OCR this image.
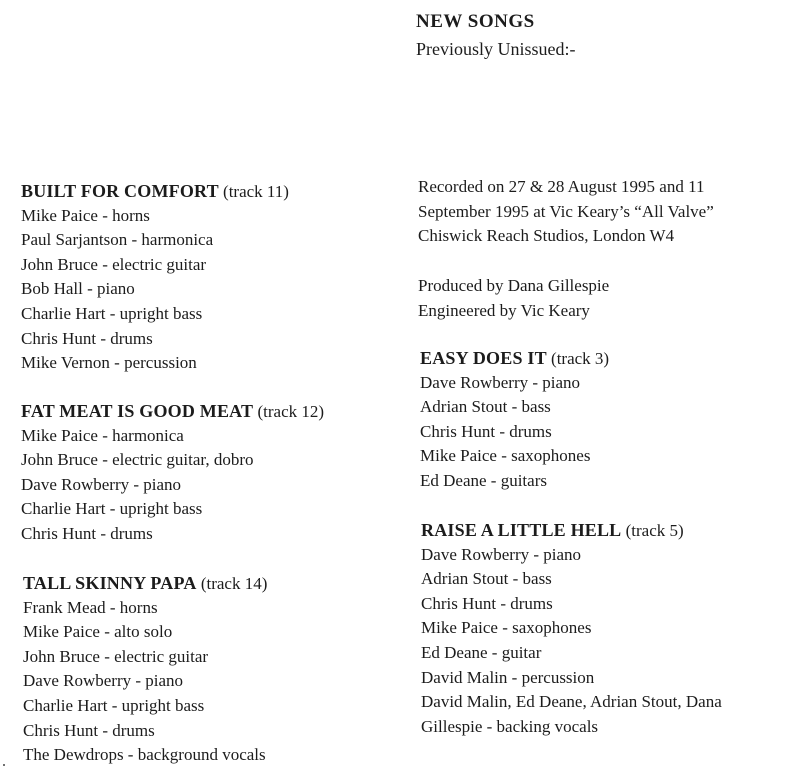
NEW SONGS
Previously Unissued:-
BUILT FOR COMFORT (track 11)
Mike Paice - horns
Paul Sarjantson - harmonica
John Bruce - electric guitar
Bob Hall - piano
Charlie Hart - upright bass
Chris Hunt - drums
Mike Vernon - percussion
FAT MEAT IS GOOD MEAT (track 12)
Mike Paice - harmonica
John Bruce - electric guitar, dobro
Dave Rowberry - piano
Charlie Hart - upright bass
Chris Hunt - drums
TALL SKINNY PAPA (track 14)
Frank Mead - horns
Mike Paice - alto solo
John Bruce - electric guitar
Dave Rowberry - piano
Charlie Hart - upright bass
Chris Hunt - drums
The Dewdrops - background vocals
Recorded on 27 & 28 August 1995 and 11
September 1995 at Vic Keary’s “All Valve”
Chiswick Reach Studios, London W4
Produced by Dana Gillespie
Engineered by Vic Keary
EASY DOES IT (track 3)
Dave Rowberry - piano
Adrian Stout - bass
Chris Hunt - drums
Mike Paice - saxophones
Ed Deane - guitars
RAISE A LITTLE HELL (track 5)
Dave Rowberry - piano
Adrian Stout - bass
Chris Hunt - drums
Mike Paice - saxophones
Ed Deane - guitar
David Malin - percussion
David Malin, Ed Deane, Adrian Stout, Dana
Gillespie - backing vocals
